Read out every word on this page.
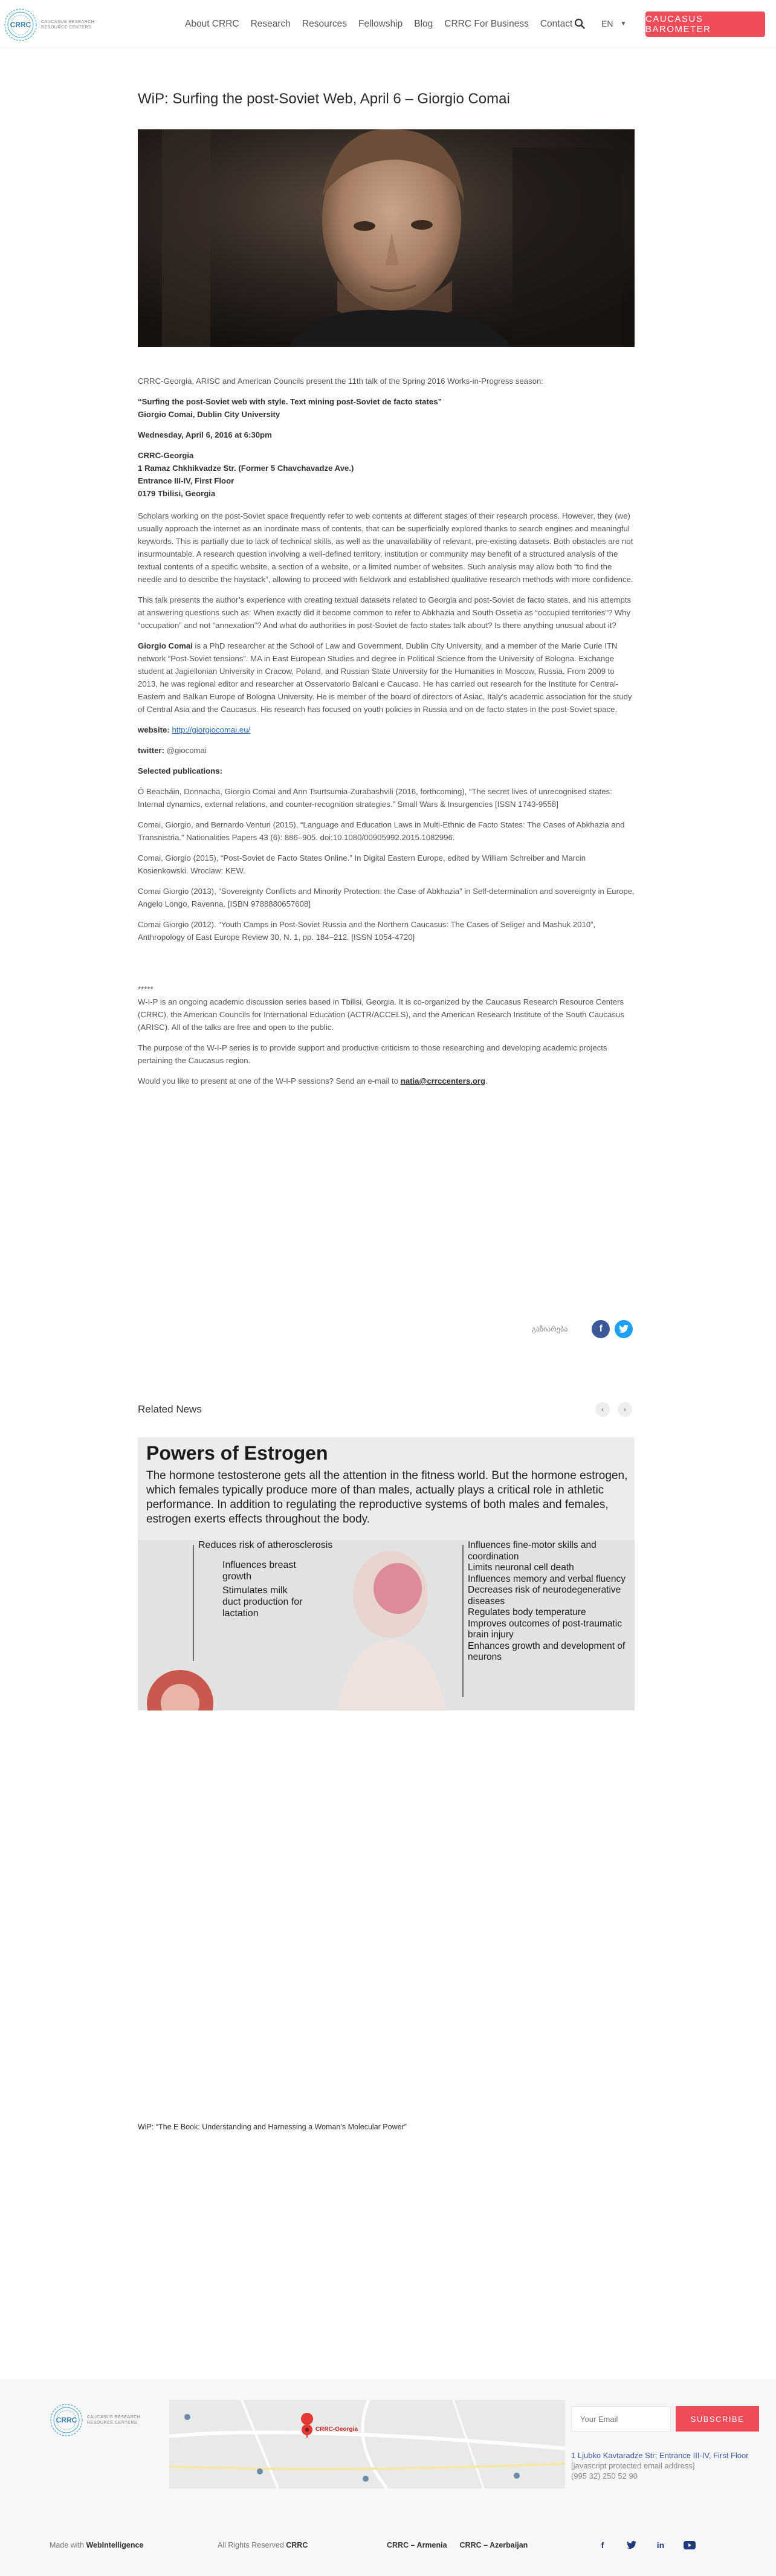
CRRC CAUCASUS RESEARCH RESOURCE CENTERS	About CRRC Research Resources Fellowship Blog CRRC For Business Contact	EN ▼ CAUCASUS BAROMETER
WiP: Surfing the post-Soviet Web, April 6 – Giorgio Comai

CRRC-Georgia, ARISC and American Councils present the 11th talk of the Spring 2016 Works-in-Progress season:

“Surfing the post-Soviet web with style. Text mining post-Soviet de facto states”
Giorgio Comai, Dublin City University

Wednesday, April 6, 2016 at 6:30pm

CRRC-Georgia
1 Ramaz Chkhikvadze Str. (Former 5 Chavchavadze Ave.)
Entrance III-IV, First Floor
0179 Tbilisi, Georgia

Scholars working on the post-Soviet space frequently refer to web contents at different stages of their research process. However, they (we) usually approach the internet as an inordinate mass of contents, that can be superficially explored thanks to search engines and meaningful keywords. This is partially due to lack of technical skills, as well as the unavailability of relevant, pre-existing datasets. Both obstacles are not insurmountable. A research question involving a well-defined territory, institution or community may benefit of a structured analysis of the textual contents of a specific website, a section of a website, or a limited number of websites. Such analysis may allow both “to find the needle and to describe the haystack”, allowing to proceed with fieldwork and established qualitative research methods with more confidence.

This talk presents the author’s experience with creating textual datasets related to Georgia and post-Soviet de facto states, and his attempts at answering questions such as: When exactly did it become common to refer to Abkhazia and South Ossetia as “occupied territories”? Why “occupation” and not “annexation”? And what do authorities in post-Soviet de facto states talk about? Is there anything unusual about it?

Giorgio Comai is a PhD researcher at the School of Law and Government, Dublin City University, and a member of the Marie Curie ITN network “Post-Soviet tensions”. MA in East European Studies and degree in Political Science from the University of Bologna. Exchange student at Jagiellonian University in Cracow, Poland, and Russian State University for the Humanities in Moscow, Russia. From 2009 to 2013, he was regional editor and researcher at Osservatorio Balcani e Caucaso. He has carried out research for the Institute for Central-Eastern and Balkan Europe of Bologna University. He is member of the board of directors of Asiac, Italy’s academic association for the study of Central Asia and the Caucasus. His research has focused on youth policies in Russia and on de facto states in the post-Soviet space.

website: http://giorgiocomai.eu/

twitter: @giocomai

Selected publications:

Ó Beacháin, Donnacha, Giorgio Comai and Ann Tsurtsumia-Zurabashvili (2016, forthcoming), “The secret lives of unrecognised states: Internal dynamics, external relations, and counter-recognition strategies.” Small Wars & Insurgencies [ISSN 1743-9558]

Comai, Giorgio, and Bernardo Venturi (2015), “Language and Education Laws in Multi-Ethnic de Facto States: The Cases of Abkhazia and Transnistria.” Nationalities Papers 43 (6): 886–905. doi:10.1080/00905992.2015.1082996.

Comai, Giorgio (2015), “Post-Soviet de Facto States Online.” In Digital Eastern Europe, edited by William Schreiber and Marcin Kosienkowski. Wroclaw: KEW.

Comai Giorgio (2013), “Sovereignty Conflicts and Minority Protection: the Case of Abkhazia” in Self-determination and sovereignty in Europe, Angelo Longo, Ravenna. [ISBN 9788880657608]

Comai Giorgio (2012). “Youth Camps in Post-Soviet Russia and the Northern Caucasus: The Cases of Seliger and Mashuk 2010”, Anthropology of East Europe Review 30, N. 1, pp. 184–212. [ISSN 1054-4720]

*****

W-I-P is an ongoing academic discussion series based in Tbilisi, Georgia. It is co-organized by the Caucasus Research Resource Centers (CRRC), the American Councils for International Education (ACTR/ACCELS), and the American Research Institute of the South Caucasus (ARISC). All of the talks are free and open to the public.

The purpose of the W-I-P series is to provide support and productive criticism to those researching and developing academic projects pertaining the Caucasus region.

Would you like to present at one of the W-I-P sessions? Send an e-mail to natia@crrccenters.org.

გაზიარება	f
Related News	‹	›
Powers of Estrogen
The hormone testosterone gets all the attention in the fitness world. But the hormone estrogen, which females typically produce more of than males, actually plays a critical role in athletic performance. In addition to regulating the reproductive systems of both males and females, estrogen exerts effects throughout the body.
Reduces risk of atherosclerosis
Influences breast growth
Stimulates milk duct production for lactation
Influences fine-motor skills and coordination
Limits neuronal cell death
Influences memory and verbal fluency
Decreases risk of neurodegenerative diseases
Regulates body temperature
Improves outcomes of post-traumatic brain injury
Enhances growth and development of neurons
WiP: “The E Book: Understanding and Harnessing a Woman’s Molecular Power”
CRRC CAUCASUS RESEARCH RESOURCE CENTERS
CRRC-Georgia
Your Email
SUBSCRIBE
1 Ljubko Kavtaradze Str; Entrance III-IV, First Floor
[javascript protected email address]
(995 32) 250 52 90
Made with WebIntelligence	All Rights Reserved CRRC	CRRC – Armenia CRRC – Azerbaijan	f	in
